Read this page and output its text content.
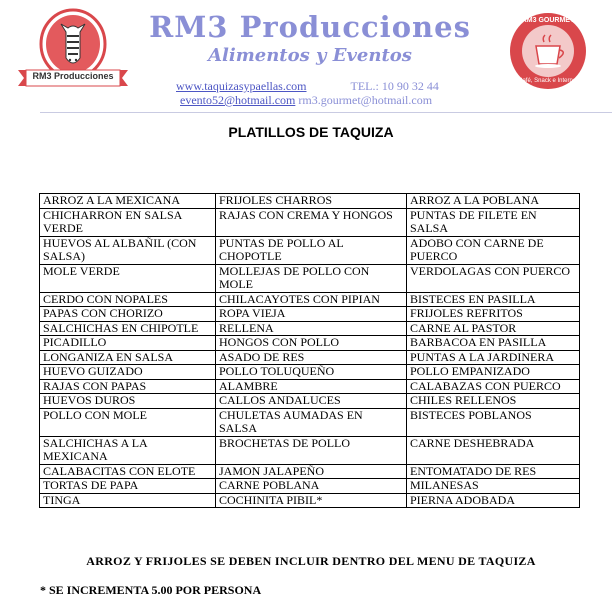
RM3 Producciones
RM3 Producciones
Alimentos y Eventos
www.taquizasypaellas.com	TEL.: 10 90 32 44
evento52@hotmail.com rm3.gourmet@hotmail.com
RM3 GOURMET
Café, Snack e Internet
PLATILLOS DE TAQUIZA
ARROZ A LA MEXICANA	FRIJOLES CHARROS	ARROZ A LA POBLANA
CHICHARRON EN SALSA VERDE	RAJAS CON CREMA Y HONGOS	PUNTAS DE FILETE EN SALSA
HUEVOS AL ALBAÑIL (CON SALSA)	PUNTAS DE POLLO AL CHOPOTLE	ADOBO CON CARNE DE PUERCO
MOLE VERDE	MOLLEJAS DE POLLO CON MOLE	VERDOLAGAS CON PUERCO
CERDO CON NOPALES	CHILACAYOTES CON PIPIAN	BISTECES EN PASILLA
PAPAS CON CHORIZO	ROPA VIEJA	FRIJOLES REFRITOS
SALCHICHAS EN CHIPOTLE	RELLENA	CARNE AL PASTOR
PICADILLO	HONGOS CON POLLO	BARBACOA EN PASILLA
LONGANIZA EN SALSA	ASADO DE RES	PUNTAS A LA JARDINERA
HUEVO GUIZADO	POLLO TOLUQUEÑO	POLLO EMPANIZADO
RAJAS CON PAPAS	ALAMBRE	CALABAZAS CON PUERCO
HUEVOS DUROS	CALLOS ANDALUCES	CHILES RELLENOS
POLLO CON MOLE	CHULETAS AUMADAS EN SALSA	BISTECES POBLANOS
SALCHICHAS A LA MEXICANA	BROCHETAS DE POLLO	CARNE DESHEBRADA
CALABACITAS CON ELOTE	JAMON JALAPEÑO	ENTOMATADO DE RES
TORTAS DE PAPA	CARNE POBLANA	MILANESAS
TINGA	COCHINITA PIBIL*	PIERNA ADOBADA
ARROZ Y FRIJOLES SE DEBEN INCLUIR DENTRO DEL MENU DE TAQUIZA
* SE INCREMENTA 5.00 POR PERSONA
